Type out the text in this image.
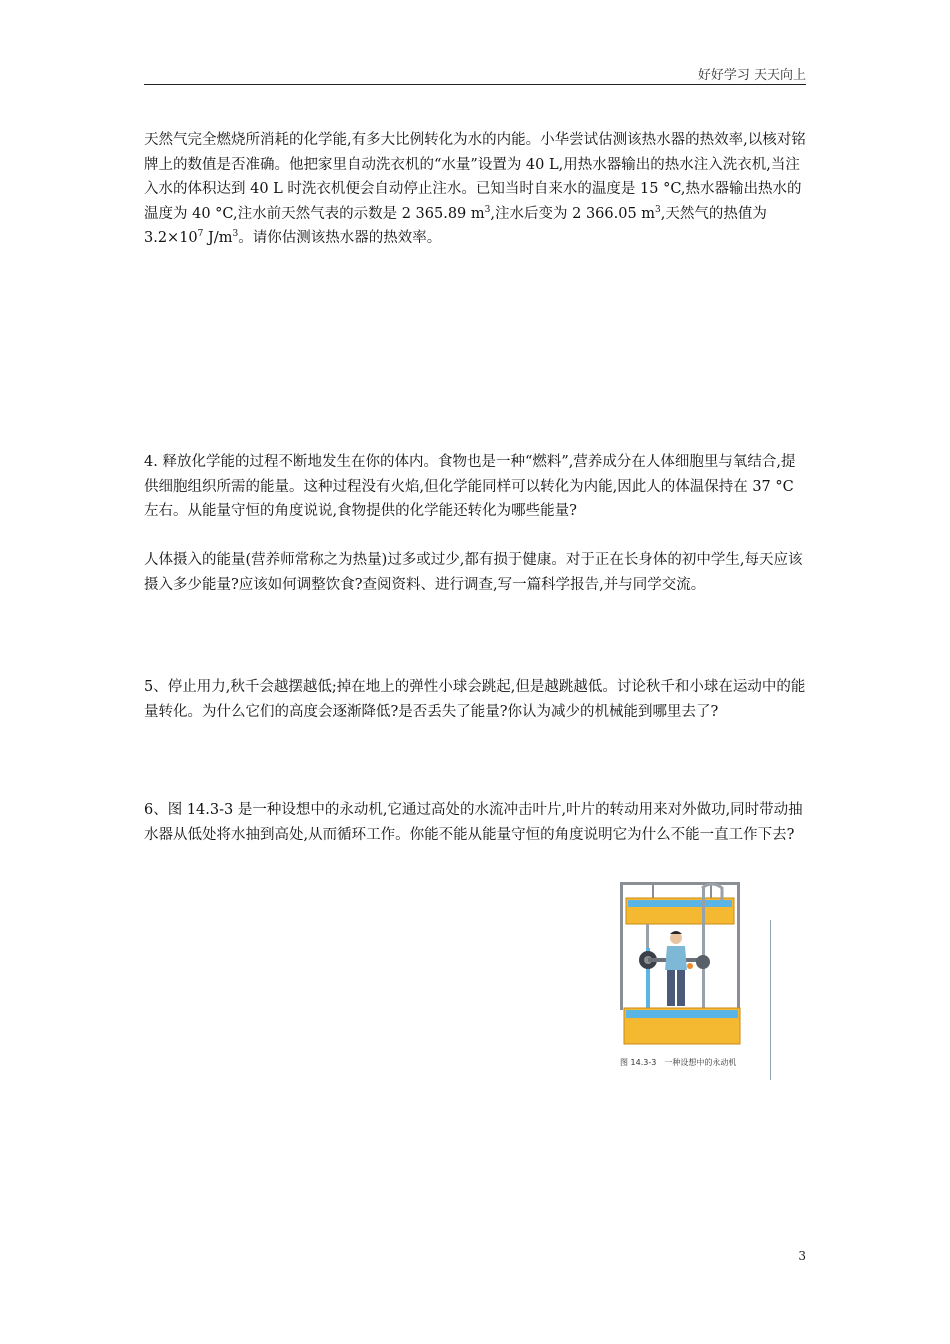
好好学习 天天向上

天然气完全燃烧所消耗的化学能,有多大比例转化为水的内能。小华尝试估测该热水器的热效率,以核对铭牌上的数值是否准确。他把家里自动洗衣机的“水量”设置为 40 L,用热水器输出的热水注入洗衣机,当注入水的体积达到 40 L 时洗衣机便会自动停止注水。已知当时自来水的温度是 15 °C,热水器输出热水的温度为 40 °C,注水前天然气表的示数是 2 365.89 $m^3$,注水后变为 2 366.05 $m^3$,天然气的热值为 $3.2\times 10^7$ $J/m^3$。请你估测该热水器的热效率。

4. 释放化学能的过程不断地发生在你的体内。食物也是一种“燃料”,营养成分在人体细胞里与氧结合,提供细胞组织所需的能量。这种过程没有火焰,但化学能同样可以转化为内能,因此人的体温保持在 37 °C 左右。从能量守恒的角度说说,食物提供的化学能还转化为哪些能量?

人体摄入的能量(营养师常称之为热量)过多或过少,都有损于健康。对于正在长身体的初中学生,每天应该摄入多少能量?应该如何调整饮食?查阅资料、进行调查,写一篇科学报告,并与同学交流。

5、停止用力,秋千会越摆越低;掉在地上的弹性小球会跳起,但是越跳越低。讨论秋千和小球在运动中的能量转化。为什么它们的高度会逐渐降低?是否丢失了能量?你认为减少的机械能到哪里去了?

6、图 14.3-3 是一种设想中的永动机,它通过高处的水流冲击叶片,叶片的转动用来对外做功,同时带动抽水器从低处将水抽到高处,从而循环工作。你能不能从能量守恒的角度说明它为什么不能一直工作下去?

图 14.3-3　一种设想中的永动机
3
